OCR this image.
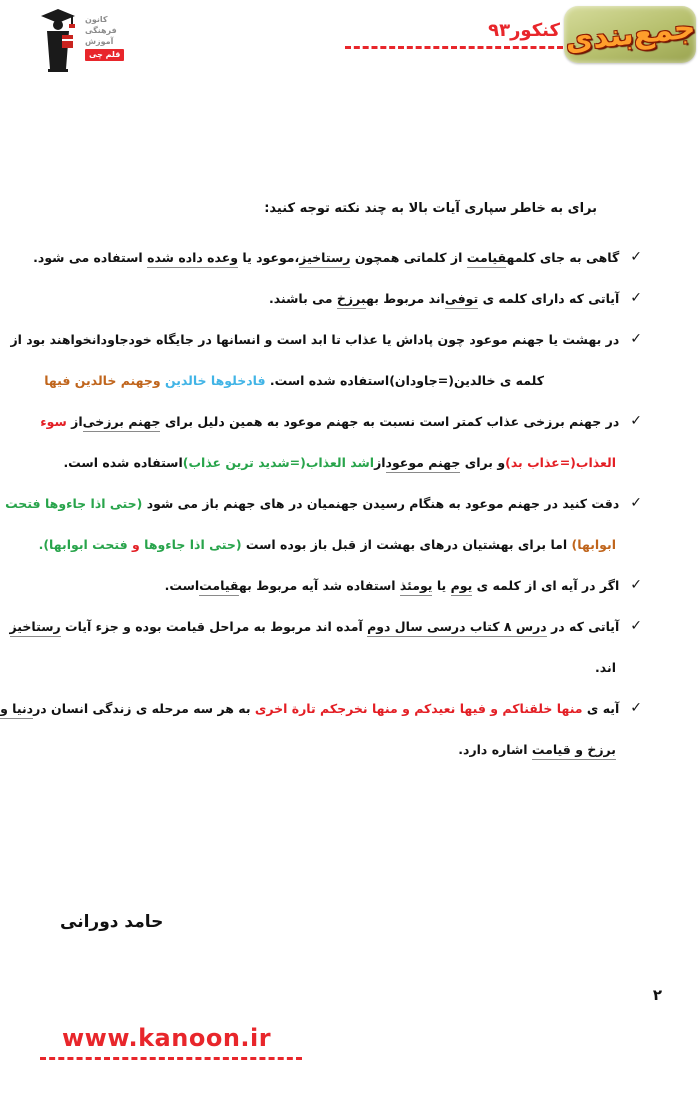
کانون
فرهنگی
آموزش
قلم چی
کنکور۹۳ جمع‌بندی
برای به خاطر سپاری آیات بالا به چند نکته توجه کنید:
✓گاهی به جای کلمهقیامت از کلماتی همچون رستاخیز،موعود یا وعده داده شده استفاده می شود.
✓آیاتی که دارای کلمه ی توفی‌اند مربوط بهبرزخ می باشند.
✓در بهشت یا جهنم موعود چون پاداش یا عذاب تا ابد است و انسانها در جایگاه خودجاودانخواهند بود از
کلمه ی خالدین(=جاودان)استفاده شده است. فادخلوها خالدین وجهنم خالدین فیها
✓در جهنم برزخی عذاب کمتر است نسبت به جهنم موعود به همین دلیل برای جهنم برزخی‌از سوء
العذاب(=عذاب بد)و برای جهنم موعودازاشد العذاب(=شدید ترین عذاب)استفاده شده است.
✓دقت کنید در جهنم موعود به هنگام رسیدن جهنمیان در های جهنم باز می شود (حتی اذا جاءوها فتحت
ابوابها) اما برای بهشتیان درهای بهشت از قبل باز بوده است (حتی اذا جاءوها و فتحت ابوابها).
✓اگر در آیه ای از کلمه ی یوم یا یومئذ استفاده شد آیه مربوط بهقیامت‌است.
✓آیاتی که در درس ۸ کتاب درسی سال دوم آمده اند مربوط به مراحل قیامت بوده و جزء آیات رستاخیز
اند.
✓آیه ی منها خلقناکم و فیها نعیدکم و منها نخرجکم تارة اخری به هر سه مرحله ی زندگی انسان دردنیا و
برزخ و قیامت اشاره دارد.
حامد دورانی
۲
www.kanoon.ir
